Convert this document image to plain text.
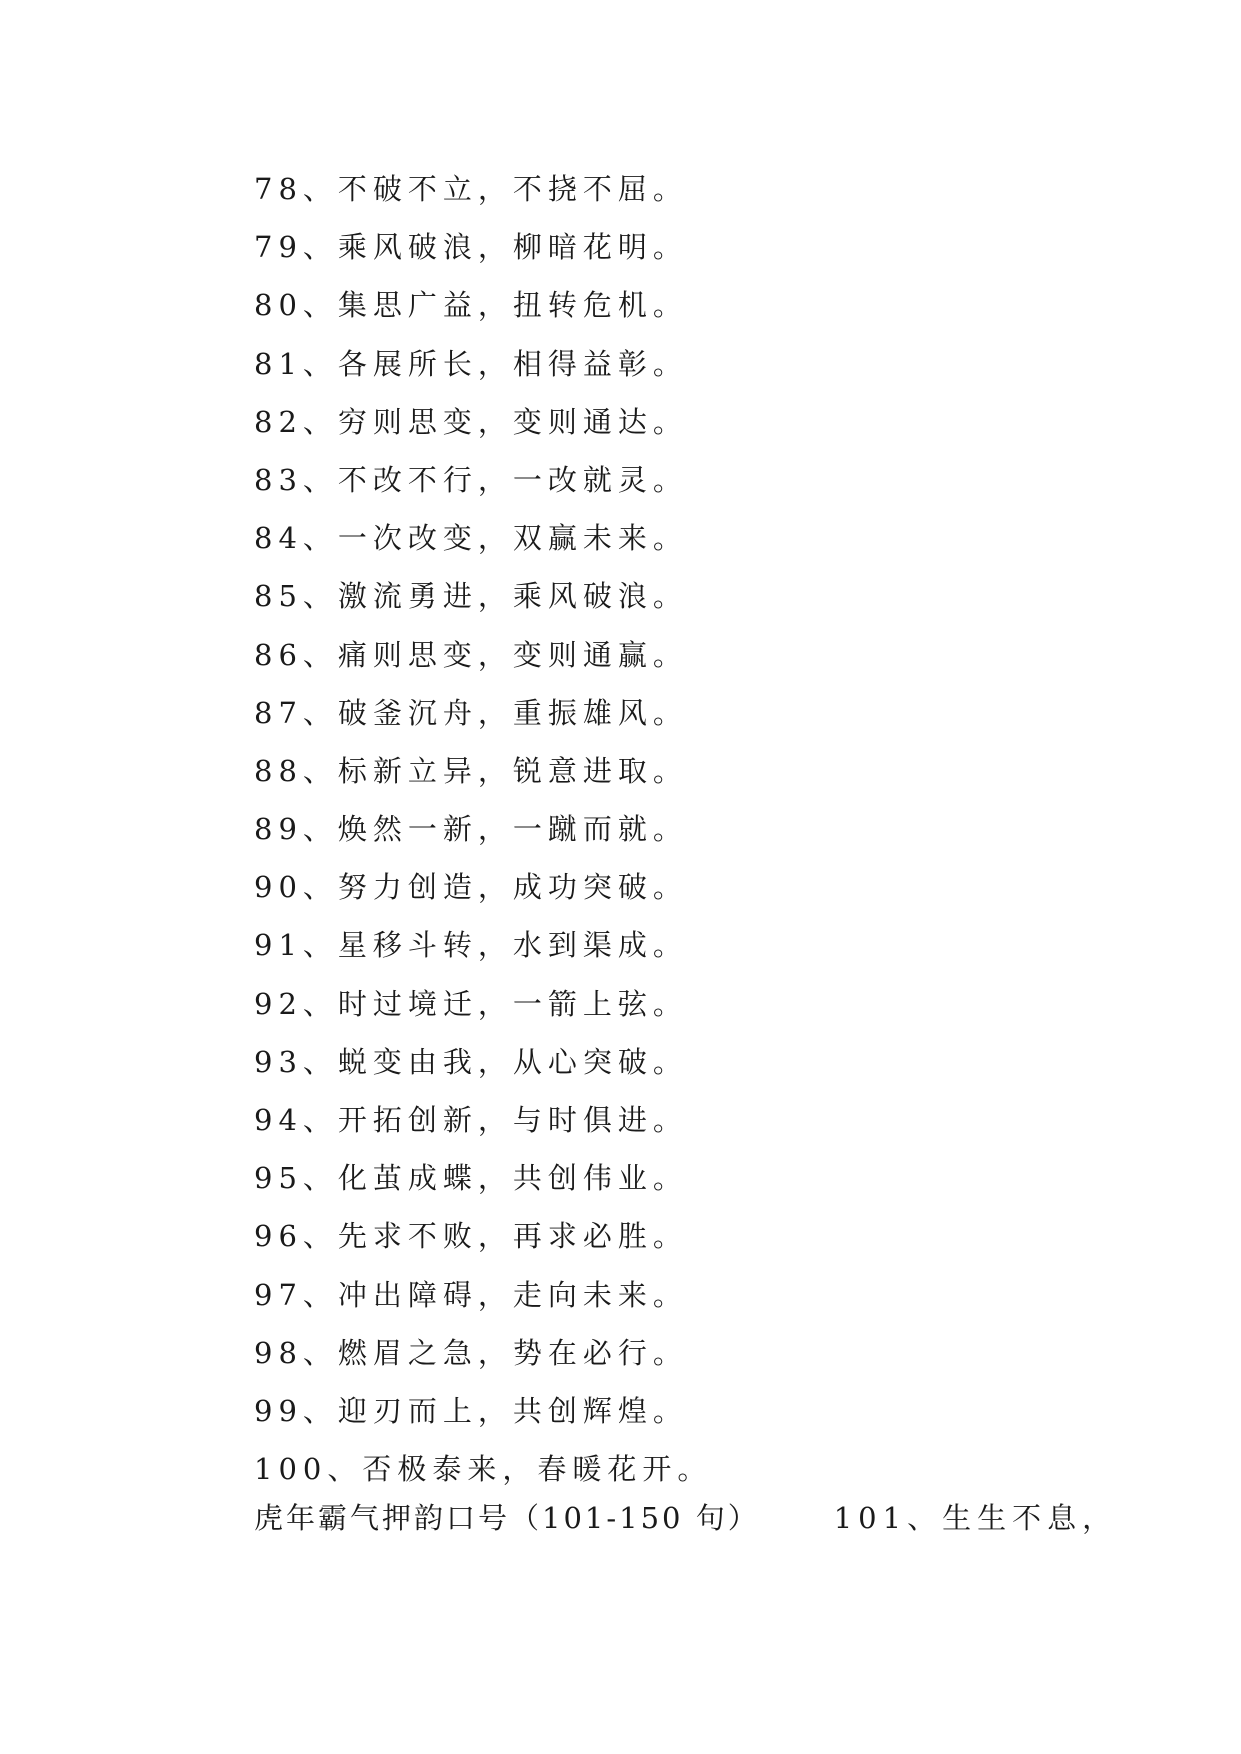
78、不破不立，不挠不屈。
79、乘风破浪，柳暗花明。
80、集思广益，扭转危机。
81、各展所长，相得益彰。
82、穷则思变，变则通达。
83、不改不行，一改就灵。
84、一次改变，双赢未来。
85、激流勇进，乘风破浪。
86、痛则思变，变则通赢。
87、破釜沉舟，重振雄风。
88、标新立异，锐意进取。
89、焕然一新，一蹴而就。
90、努力创造，成功突破。
91、星移斗转，水到渠成。
92、时过境迁，一箭上弦。
93、蜕变由我，从心突破。
94、开拓创新，与时俱进。
95、化茧成蝶，共创伟业。
96、先求不败，再求必胜。
97、冲出障碍，走向未来。
98、燃眉之急，势在必行。
99、迎刃而上，共创辉煌。
100、否极泰来，春暖花开。
虎年霸气押韵口号（101-150 句）	101、生生不息，
